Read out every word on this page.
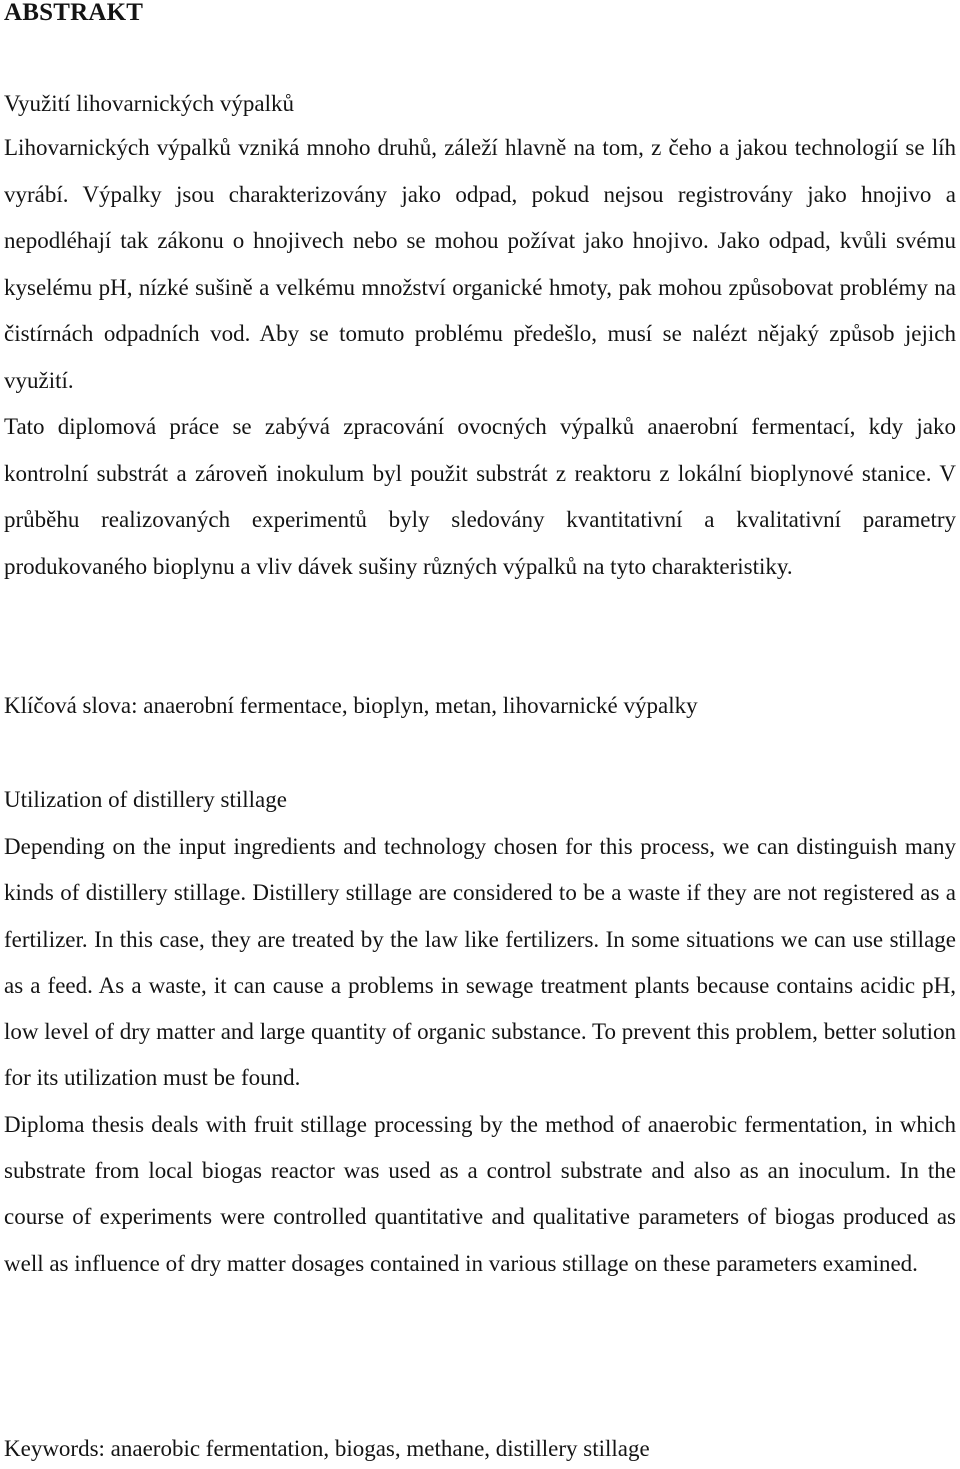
ABSTRAKT

Využití lihovarnických výpalků

Lihovarnických výpalků vzniká mnoho druhů, záleží hlavně na tom, z čeho a jakou technologií se líh vyrábí. Výpalky jsou charakterizovány jako odpad, pokud nejsou registrovány jako hnojivo a nepodléhají tak zákonu o hnojivech nebo se mohou požívat jako hnojivo. Jako odpad, kvůli svému kyselému pH, nízké sušině a velkému množství organické hmoty, pak mohou způsobovat problémy na čistírnách odpadních vod. Aby se tomuto problému předešlo, musí se nalézt nějaký způsob jejich využití.

Tato diplomová práce se zabývá zpracování ovocných výpalků anaerobní fermentací, kdy jako kontrolní substrát a zároveň inokulum byl použit substrát z reaktoru z lokální bioplynové stanice. V průběhu realizovaných experimentů byly sledovány kvantitativní a kvalitativní parametry produkovaného bioplynu a vliv dávek sušiny různých výpalků na tyto charakteristiky.

Klíčová slova: anaerobní fermentace, bioplyn, metan, lihovarnické výpalky

Utilization of distillery stillage

Depending on the input ingredients and technology chosen for this process, we can distinguish many kinds of distillery stillage. Distillery stillage are considered to be a waste if they are not registered as a fertilizer. In this case, they are treated by the law like fertilizers. In some situations we can use stillage as a feed. As a waste, it can cause a problems in sewage treatment plants because contains acidic pH, low level of dry matter and large quantity of organic substance. To prevent this problem, better solution for its utilization must be found.

Diploma thesis deals with fruit stillage processing by the method of anaerobic fermentation, in which substrate from local biogas reactor was used as a control substrate and also as an inoculum. In the course of experiments were controlled quantitative and qualitative parameters of biogas produced as well as influence of dry matter dosages contained in various stillage on these parameters examined.

Keywords: anaerobic fermentation, biogas, methane, distillery stillage
